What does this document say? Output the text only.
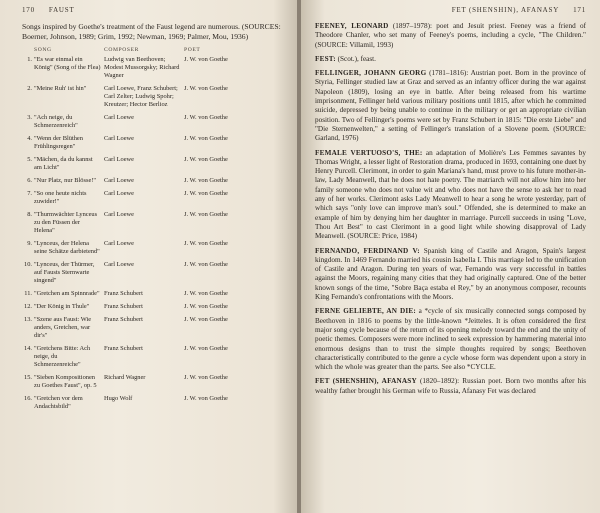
170 FAUST

Songs inspired by Goethe's treatment of the Faust legend are numerous. (SOURCES: Boerner, Johnson, 1989; Grim, 1992; Newman, 1969; Palmer, Mou, 1936)

	SONG	COMPOSER	POET
1.	"Es war einmal ein König" (Song of the Flea)	Ludwig van Beethoven; Modest Mussorgsky; Richard Wagner	J. W. von Goethe
2.	"Meine Ruh' ist hin"	Carl Loewe, Franz Schubert; Carl Zelter; Ludwig Spohr; Kreutzer; Hector Berlioz	J. W. von Goethe
3.	"Ach neige, du Schmerzenreich"	Carl Loewe	J. W. von Goethe
4.	"Wenn der Blüthen Frühlingsregen"	Carl Loewe	J. W. von Goethe
5.	"Mächen, da du kannst am Licht"	Carl Loewe	J. W. von Goethe
6.	"Nur Platz, nur Blösse!"	Carl Loewe	J. W. von Goethe
7.	"So one heute nichts zuwider!"	Carl Loewe	J. W. von Goethe
8.	"Thurmwächter Lynceus zu den Füssen der Helena"	Carl Loewe	J. W. von Goethe
9.	"Lynceus, der Helena seine Schätze darbietend"	Carl Loewe	J. W. von Goethe
10.	"Lynceus, der Thürmer, auf Fausts Sternwarte singend"	Carl Loewe	J. W. von Goethe
11.	"Gretchen am Spinnrade"	Franz Schubert	J. W. von Goethe
12.	"Der König in Thule"	Franz Schubert	J. W. von Goethe
13.	"Szene aus Faust: Wie anders, Gretchen, war dir's"	Franz Schubert	J. W. von Goethe
14.	"Gretchens Bitte: Ach neige, du Schmerzenreiche"	Franz Schubert	J. W. von Goethe
15.	"Sieben Kompositionen zu Goethes Faust", op. 5	Richard Wagner	J. W. von Goethe
16.	"Gretchen vor dem Andachtsbild"	Hugo Wolf	J. W. von Goethe
FET (SHENSHIN), AFANASY 171

FEENEY, LEONARD (1897–1978): poet and Jesuit priest. Feeney was a friend of Theodore Chanler, who set many of Feeney's poems, including a cycle, "The Children." (SOURCE: Villamil, 1993)

FEST: (Scot.), feast.

FELLINGER, JOHANN GEORG (1781–1816): Austrian poet. Born in the province of Styria, Fellinger studied law at Graz and served as an infantry officer during the war against Napoleon (1809), losing an eye in battle. After being released from his wartime imprisonment, Fellinger held various military positions until 1815, after which he committed suicide, depressed by being unable to continue in the military or get an appropriate civilian position. Two of Fellinger's poems were set by Franz Schubert in 1815: "Die erste Liebe" and "Die Sternenwelten," a setting of Fellinger's translation of a Slovene poem. (SOURCE: Garland, 1976)

FEMALE VERTUOSO'S, THE: an adaptation of Molière's Les Femmes savantes by Thomas Wright, a lesser light of Restoration drama, produced in 1693, containing one duet by Henry Purcell. Clerimont, in order to gain Mariana's hand, must prove to his future mother-in-law, Lady Meanwell, that he does not hate poetry. The matriarch will not allow him into her family someone who does not value wit and who does not have the sense to ask her to read any of her works. Clerimont asks Lady Meanwell to hear a song he wrote yesterday, part of which says "only love can improve man's soul." Offended, she is determined to make an example of him by denying him her daughter in marriage. Purcell succeeds in using "Love, Thou Art Best" to cast Clerimont in a good light while showing disapproval of Lady Meanwell. (SOURCE: Price, 1984)

FERNANDO, FERDINAND V: Spanish king of Castile and Aragon, Spain's largest kingdom. In 1469 Fernando married his cousin Isabella I. This marriage led to the unification of Castile and Aragon. During ten years of war, Fernando was very successful in battles against the Moors, regaining many cities that they had originally captured. One of the better known songs of the time, "Sobre Baça estaba el Rey," by an anonymous composer, recounts King Fernando's confrontations with the Moors.

FERNE GELIEBTE, AN DIE: a *cycle of six musically connected songs composed by Beethoven in 1816 to poems by the little-known *Jeitteles. It is often considered the first major song cycle because of the return of its opening melody toward the end and the unity of poetic themes. Composers were more inclined to seek expression by hammering material into enormous designs than to trust the simple thoughts required by songs; Beethoven characteristically contributed to the genre a cycle whose form was dependent upon a story in which the whole was greater than the parts. See also *CYCLE.

FET (SHENSHIN), AFANASY (1820–1892): Russian poet. Born two months after his wealthy father brought his German wife to Russia, Afanasy Fet was declared
